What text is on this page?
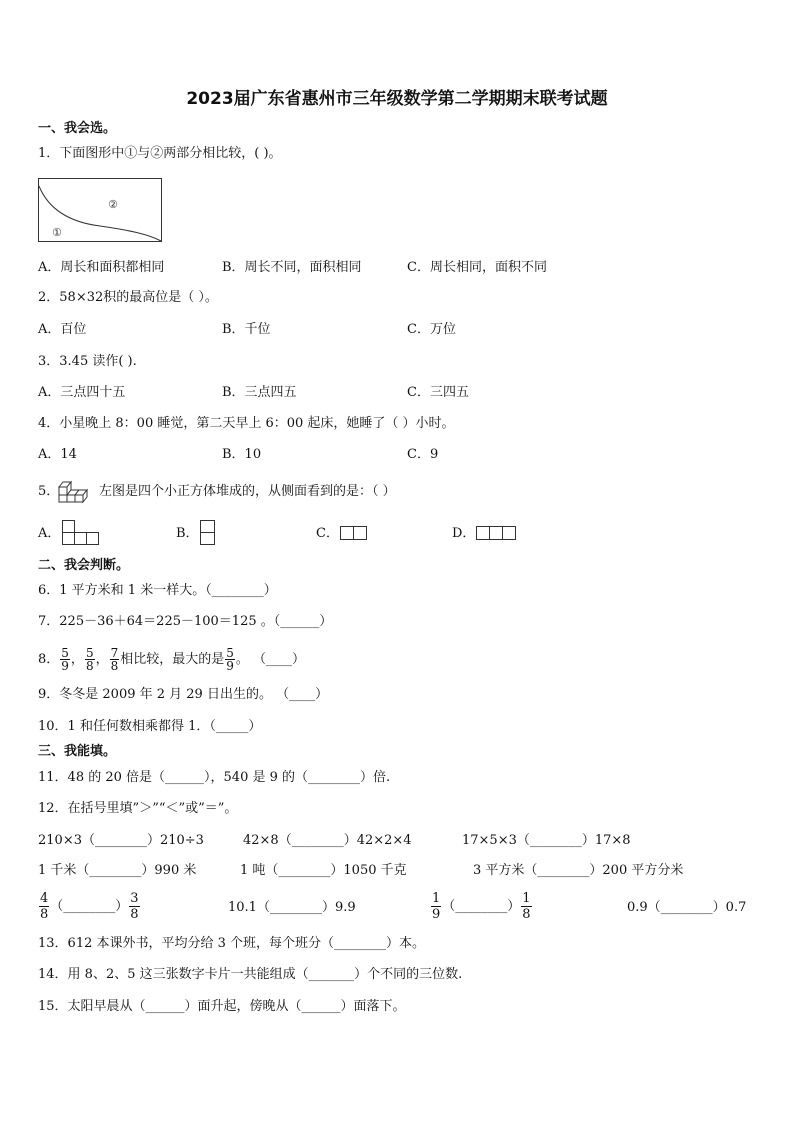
2023届广东省惠州市三年级数学第二学期期末联考试题
一、我会选。
1．下面图形中①与②两部分相比较，( )。
①
②
A．周长和面积都相同	B．周长不同，面积相同	C．周长相同，面积不同
2．58×32积的最高位是（ ）。
A．百位	B．千位	C．万位
3．3.45 读作( ).
A．三点四十五	B．三点四五	C．三四五
4．小星晚上 8：00 睡觉，第二天早上 6：00 起床，她睡了（ ）小时。
A．14	B．10	C．9
5．	左图是四个小正方体堆成的，从侧面看到的是：（ ）
A．	B．	C．	D．
二、我会判断。
6．1 平方米和 1 米一样大。（________）
7．225－36＋64＝225－100＝125 。（______）
8． $\frac{5}{9}$ ， $\frac{5}{8}$ ， $\frac{7}{8}$ 相比较，最大的是 $\frac{5}{9}$ 。 （____）
9．冬冬是 2009 年 2 月 29 日出生的。 （____）
10．1 和任何数相乘都得 1．（_____）
三、我能填。
11．48 的 20 倍是（______），540 是 9 的（________）倍.
12．在括号里填”＞”“＜”或”＝”。
210×3（________）210÷3	42×8（________）42×2×4	17×5×3（________）17×8
1 千米（________）990 米	1 吨（________）1050 千克	3 平方米（________）200 平方分米
$\frac{4}{8}$ （________） $\frac{3}{8}$	10.1（________）9.9	$\frac{1}{9}$ （________） $\frac{1}{8}$	0.9（________）0.7
13．612 本课外书，平均分给 3 个班，每个班分（________）本。
14．用 8、2、5 这三张数字卡片一共能组成（_______）个不同的三位数.
15．太阳早晨从（______）面升起，傍晚从（______）面落下。
